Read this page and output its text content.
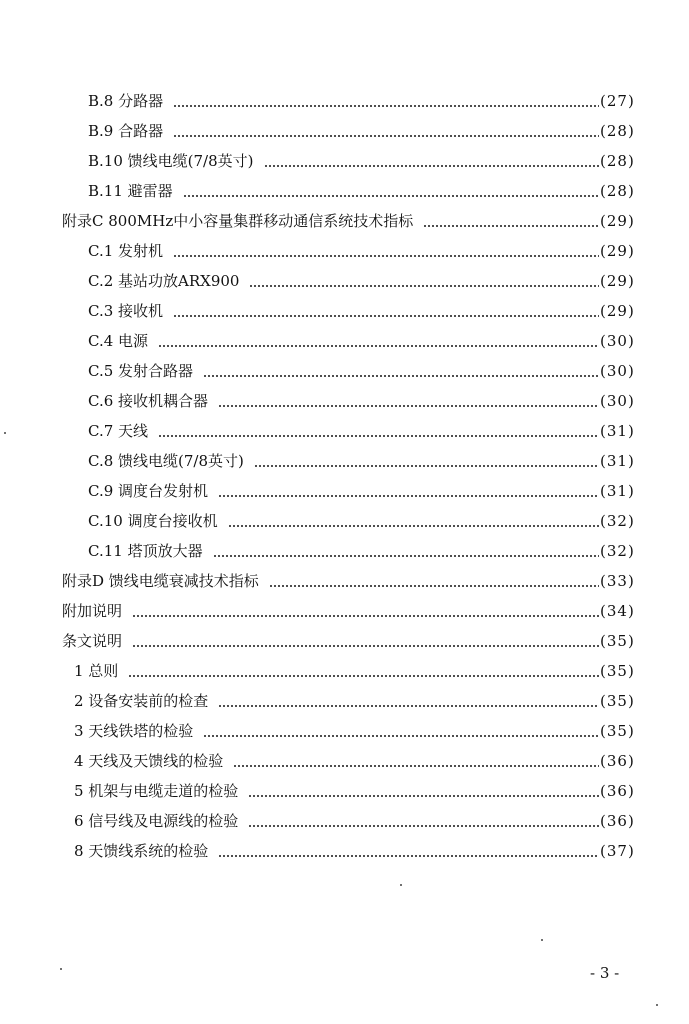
B.8 分路器	(27)
B.9 合路器	(28)
B.10 馈线电缆(7/8英寸)	(28)
B.11 避雷器	(28)
附录C 800MHz中小容量集群移动通信系统技术指标	(29)
C.1 发射机	(29)
C.2 基站功放ARX900	(29)
C.3 接收机	(29)
C.4 电源	(30)
C.5 发射合路器	(30)
C.6 接收机耦合器	(30)
C.7 天线	(31)
C.8 馈线电缆(7/8英寸)	(31)
C.9 调度台发射机	(31)
C.10 调度台接收机	(32)
C.11 塔顶放大器	(32)
附录D 馈线电缆衰减技术指标	(33)
附加说明	(34)
条文说明	(35)
1 总则	(35)
2 设备安装前的检查	(35)
3 天线铁塔的检验	(35)
4 天线及天馈线的检验	(36)
5 机架与电缆走道的检验	(36)
6 信号线及电源线的检验	(36)
8 天馈线系统的检验	(37)
- 3 -
